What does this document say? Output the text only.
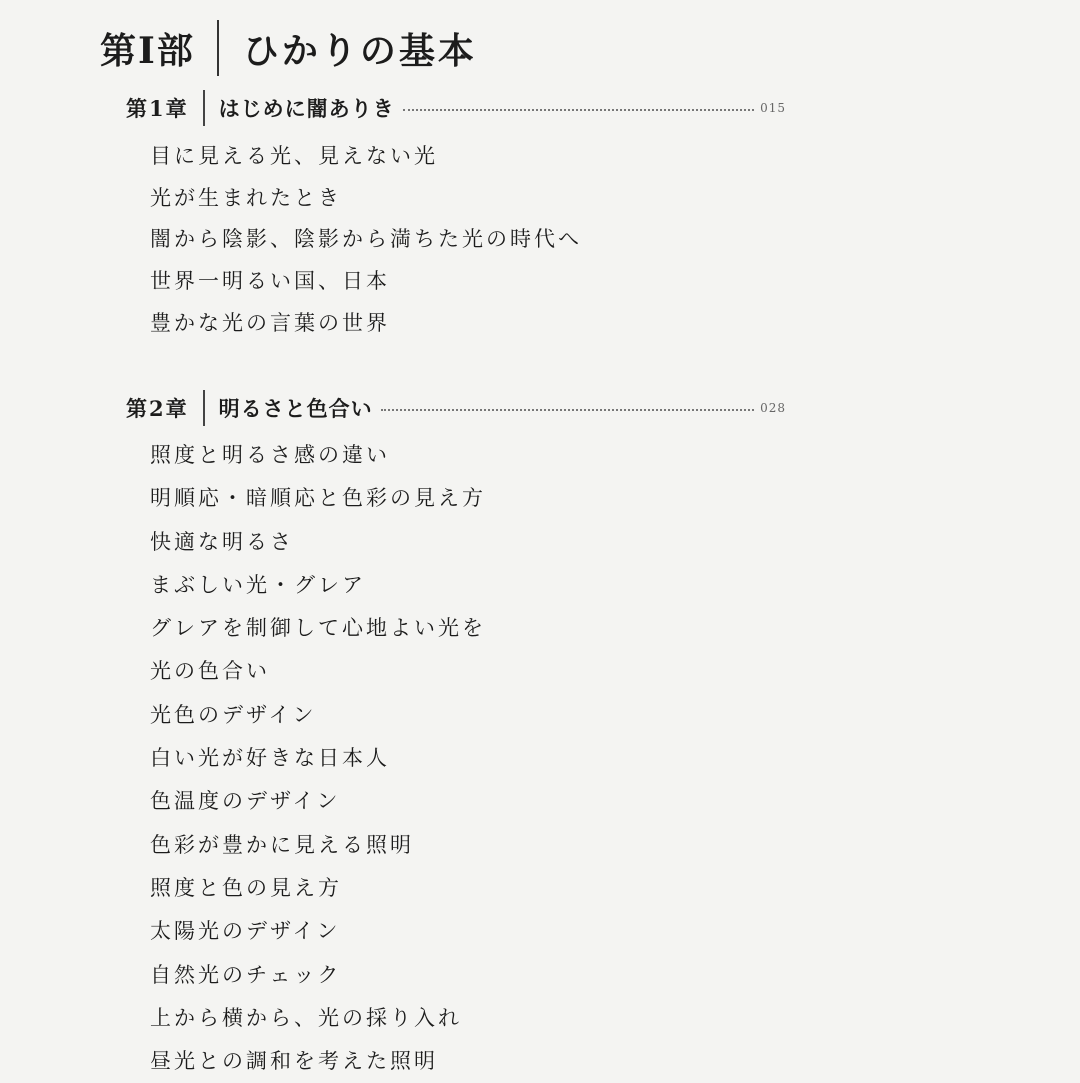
第Ⅰ部 ひかりの基本
第1章 はじめに闇ありき	015
目に見える光、見えない光
光が生まれたとき
闇から陰影、陰影から満ちた光の時代へ
世界一明るい国、日本
豊かな光の言葉の世界
第2章 明るさと色合い	028
照度と明るさ感の違い
明順応・暗順応と色彩の見え方
快適な明るさ
まぶしい光・グレア
グレアを制御して心地よい光を
光の色合い
光色のデザイン
白い光が好きな日本人
色温度のデザイン
色彩が豊かに見える照明
照度と色の見え方
太陽光のデザイン
自然光のチェック
上から横から、光の採り入れ
昼光との調和を考えた照明
